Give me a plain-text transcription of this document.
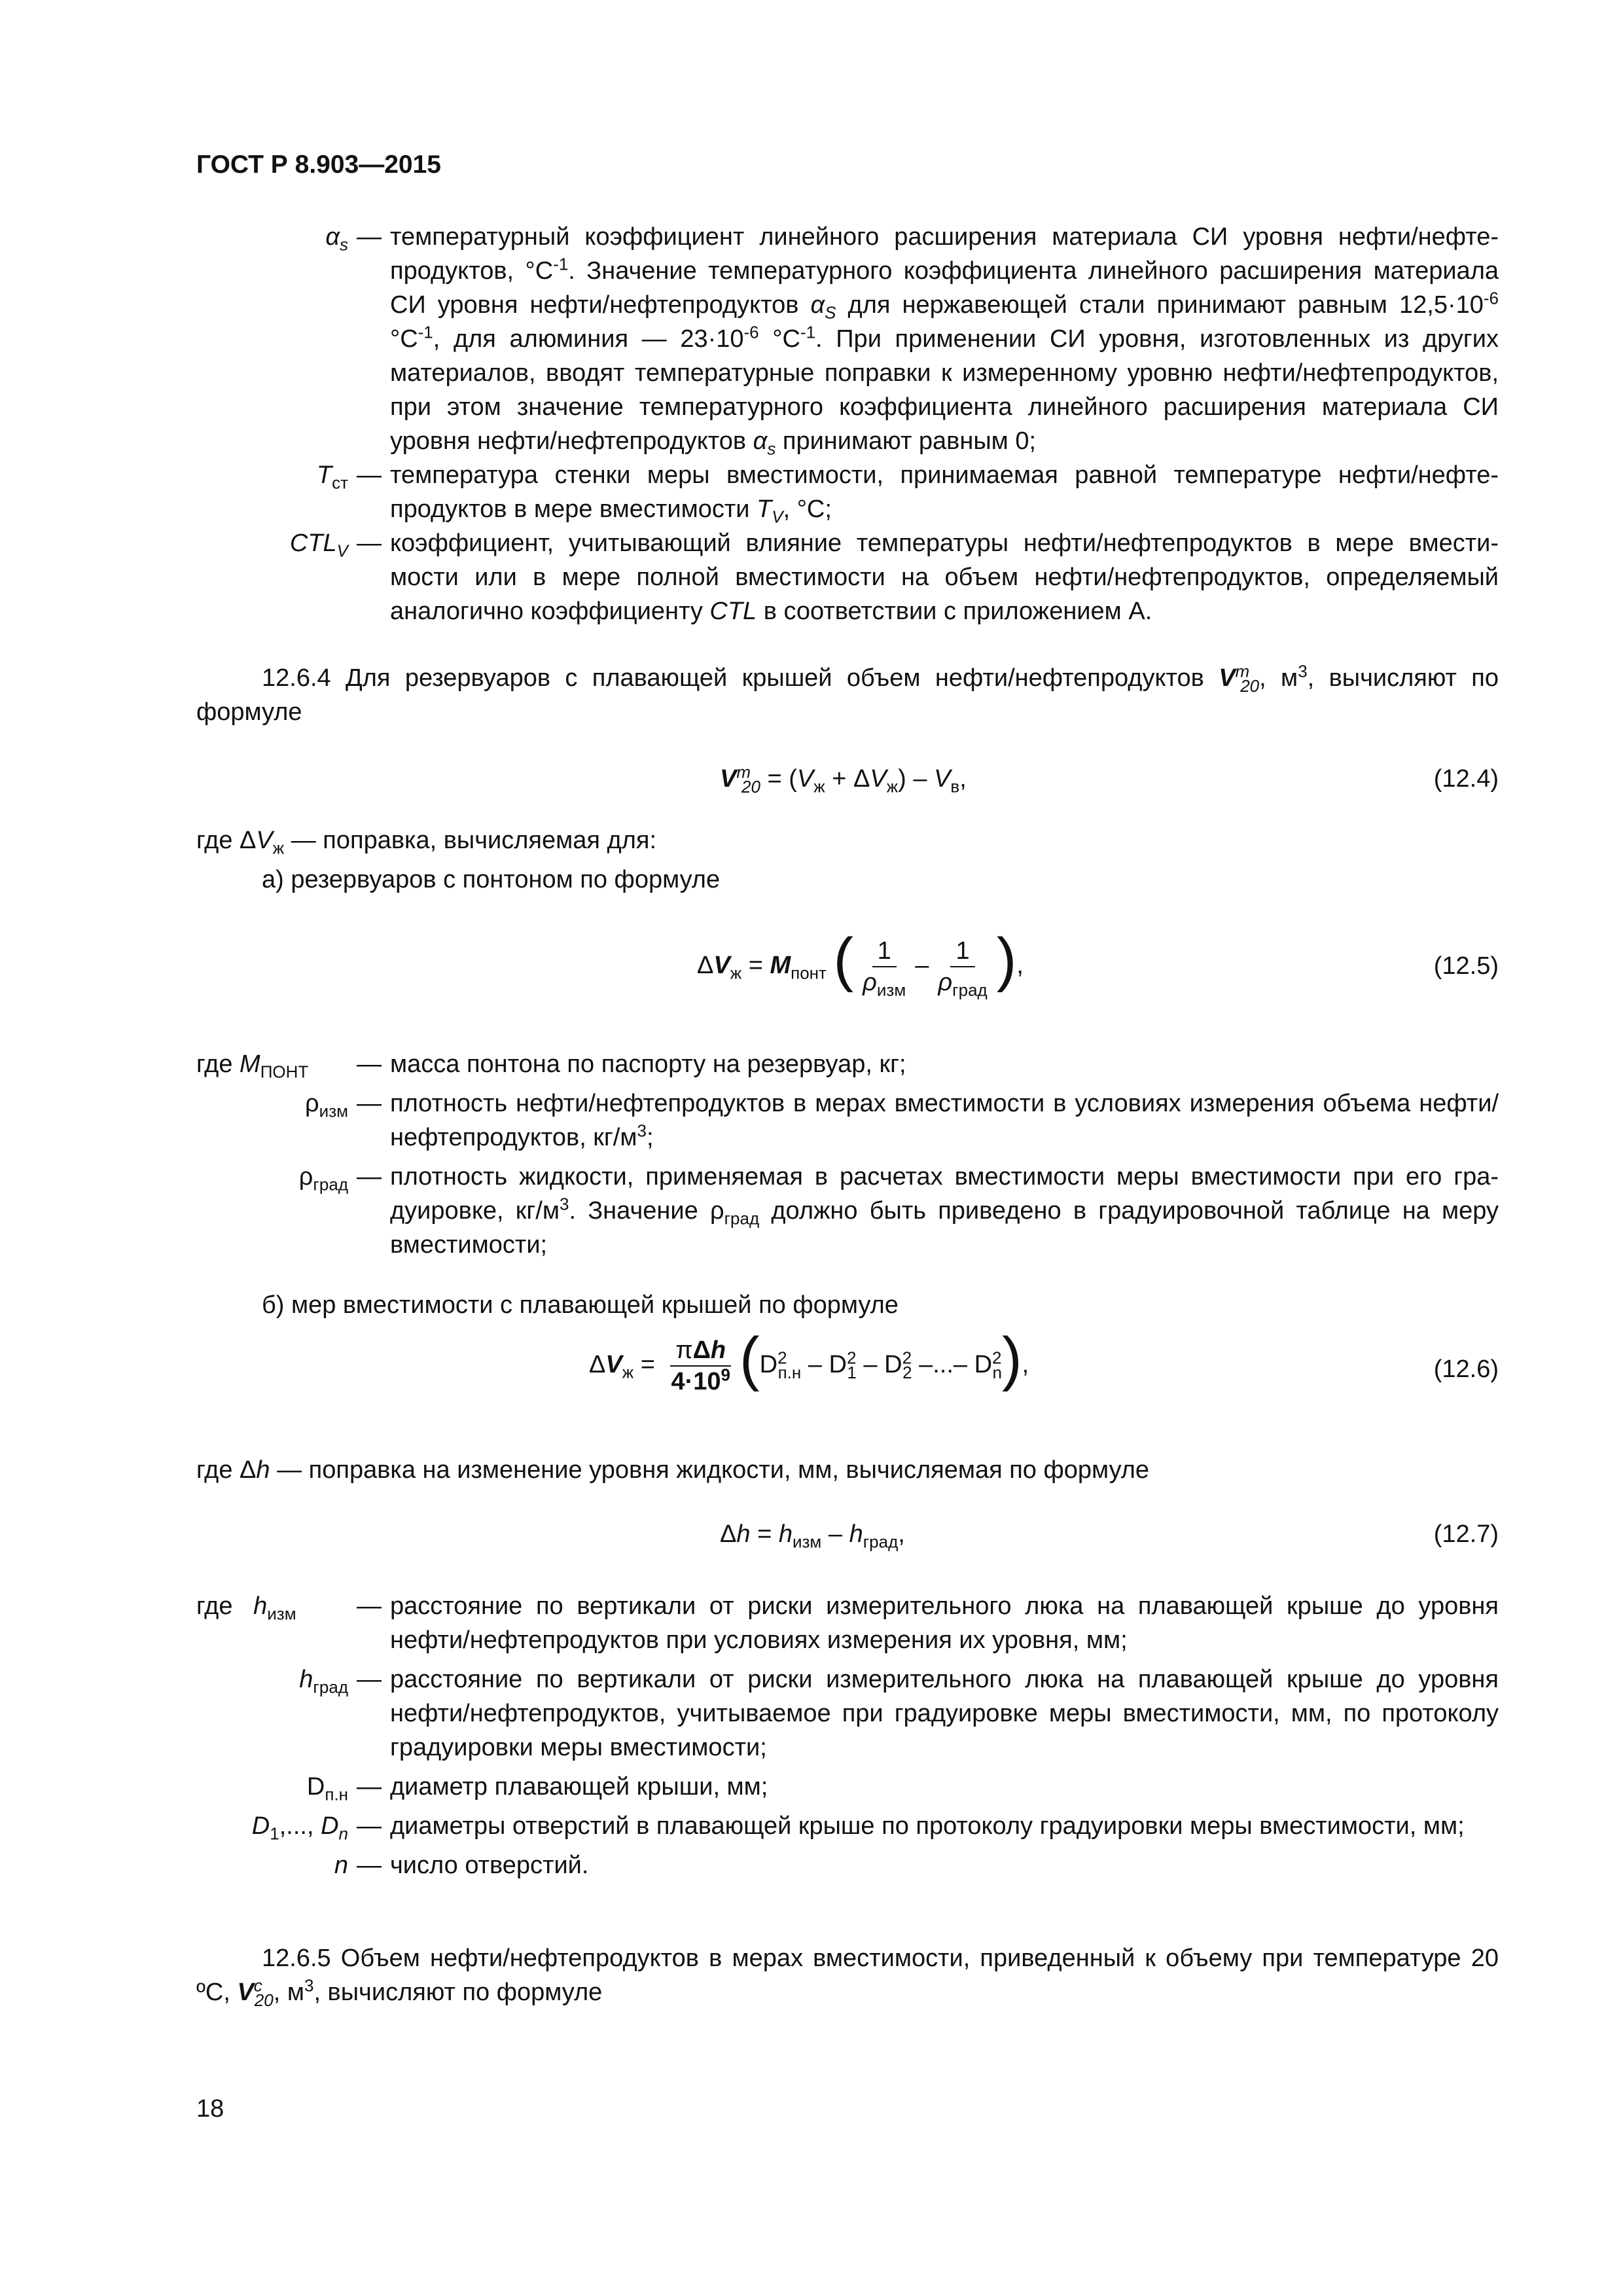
ГОСТ Р 8.903—2015
$\alpha_s$ — температурный коэффициент линейного расширения материала СИ уровня нефти/нефтепродуктов, $^\circ С^{-1}$. Значение температурного коэффициента линейного расширения материала СИ уровня нефти/нефтепродуктов $\alpha_S$ для нержавеющей стали принимают равным $12,5\cdot 10^{-6}$ $^\circ С^{-1}$, для алюминия — $23\cdot 10^{-6}$ $^\circ С^{-1}$. При применении СИ уровня, изготовленных из других материалов, вводят температурные поправки к измеренному уровню нефти/нефтепродуктов, при этом значение температурного коэффициента линейного расширения материала СИ уровня нефти/нефтепродуктов $\alpha_s$ принимают равным 0;
$Т_{ст}$ — температура стенки меры вместимости, принимаемая равной температуре нефти/нефтепродуктов в мере вместимости $T_V$, °С;
$CTL_V$ — коэффициент, учитывающий влияние температуры нефти/нефтепродуктов в мере вместимости или в мере полной вместимости на объем нефти/нефтепродуктов, определяемый аналогично коэффициенту CTL в соответствии с приложением А.
12.6.4 Для резервуаров с плавающей крышей объем нефти/нефтепродуктов $V^m_{20}$, $м^3$, вычисляют по формуле
$V^m_{20} = (V_ж + \Delta V_ж) - V_в$,	(12.4)
где $\Delta V_ж$ — поправка, вычисляемая для:
а) резервуаров с понтоном по формуле
$\Delta V_ж = M_{понт}$ ( $\frac{1}{\rho_{изм}} - \frac{1}{\rho_{град}}$ ),	(12.5)
где $M_{ПОНТ}$	— масса понтона по паспорту на резервуар, кг;
$\rho_{изм}$ — плотность нефти/нефтепродуктов в мерах вместимости в условиях измерения объема нефти/нефтепродуктов, $кг/м^3$;
$\rho_{град}$ — плотность жидкости, применяемая в расчетах вместимости меры вместимости при его градуировке, $кг/м^3$. Значение $\rho_{град}$ должно быть приведено в градуировочной таблице на меру вместимости;
б) мер вместимости с плавающей крышей по формуле
$\Delta V_ж = \frac{\text{πΔh}}{4\cdot 10^9} (D^2_{п.н} - D^2_1 - D^2_2$ –...– $D^2_n$),	(12.6)
где Δh — поправка на изменение уровня жидкости, мм, вычисляемая по формуле
$\Delta h = h_{изм} - h_{град}$,	(12.7)
где   $h_{изм}$	— расстояние по вертикали от риски измерительного люка на плавающей крыше до уровня нефти/нефтепродуктов при условиях измерения их уровня, мм;
$h_{град}$ — расстояние по вертикали от риски измерительного люка на плавающей крыше до уровня нефти/нефтепродуктов, учитываемое при градуировке меры вместимости, мм, по протоколу градуировки меры вместимости;
$D_{п.н}$ — диаметр плавающей крыши, мм;
$D_1$,..., $D_n$ — диаметры отверстий в плавающей крыше по протоколу градуировки меры вместимости, мм;
n — число отверстий.
12.6.5 Объем нефти/нефтепродуктов в мерах вместимости, приведенный к объему при температуре 20 ºС, $V^c_{20}$, $м^3$, вычисляют по формуле
18
